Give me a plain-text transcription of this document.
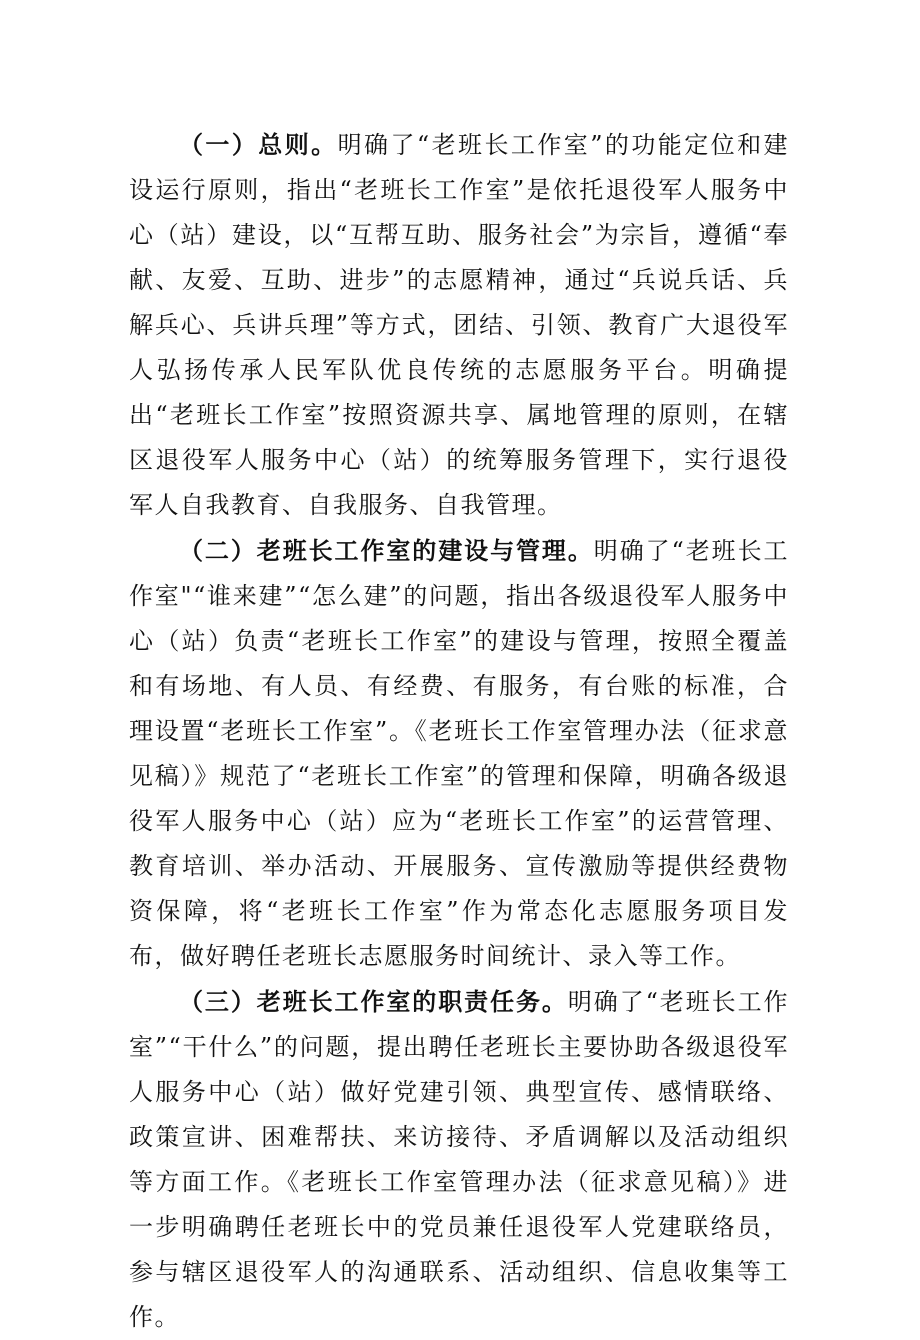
（一）总则。明确了“老班长工作室”的功能定位和建设运行原则，指出“老班长工作室”是依托退役军人服务中心（站）建设，以“互帮互助、服务社会”为宗旨，遵循“奉献、友爱、互助、进步”的志愿精神，通过“兵说兵话、兵解兵心、兵讲兵理”等方式，团结、引领、教育广大退役军人弘扬传承人民军队优良传统的志愿服务平台。明确提出“老班长工作室”按照资源共享、属地管理的原则，在辖区退役军人服务中心（站）的统筹服务管理下，实行退役军人自我教育、自我服务、自我管理。

（二）老班长工作室的建设与管理。明确了“老班长工作室"“谁来建”“怎么建”的问题，指出各级退役军人服务中心（站）负责“老班长工作室”的建设与管理，按照全覆盖和有场地、有人员、有经费、有服务，有台账的标准，合理设置“老班长工作室”。《老班长工作室管理办法（征求意见稿）》规范了“老班长工作室”的管理和保障，明确各级退役军人服务中心（站）应为“老班长工作室”的运营管理、教育培训、举办活动、开展服务、宣传激励等提供经费物资保障，将“老班长工作室”作为常态化志愿服务项目发布，做好聘任老班长志愿服务时间统计、录入等工作。

（三）老班长工作室的职责任务。明确了“老班长工作室”“干什么”的问题，提出聘任老班长主要协助各级退役军人服务中心（站）做好党建引领、典型宣传、感情联络、政策宣讲、困难帮扶、来访接待、矛盾调解以及活动组织等方面工作。《老班长工作室管理办法（征求意见稿）》进一步明确聘任老班长中的党员兼任退役军人党建联络员，参与辖区退役军人的沟通联系、活动组织、信息收集等工作。
